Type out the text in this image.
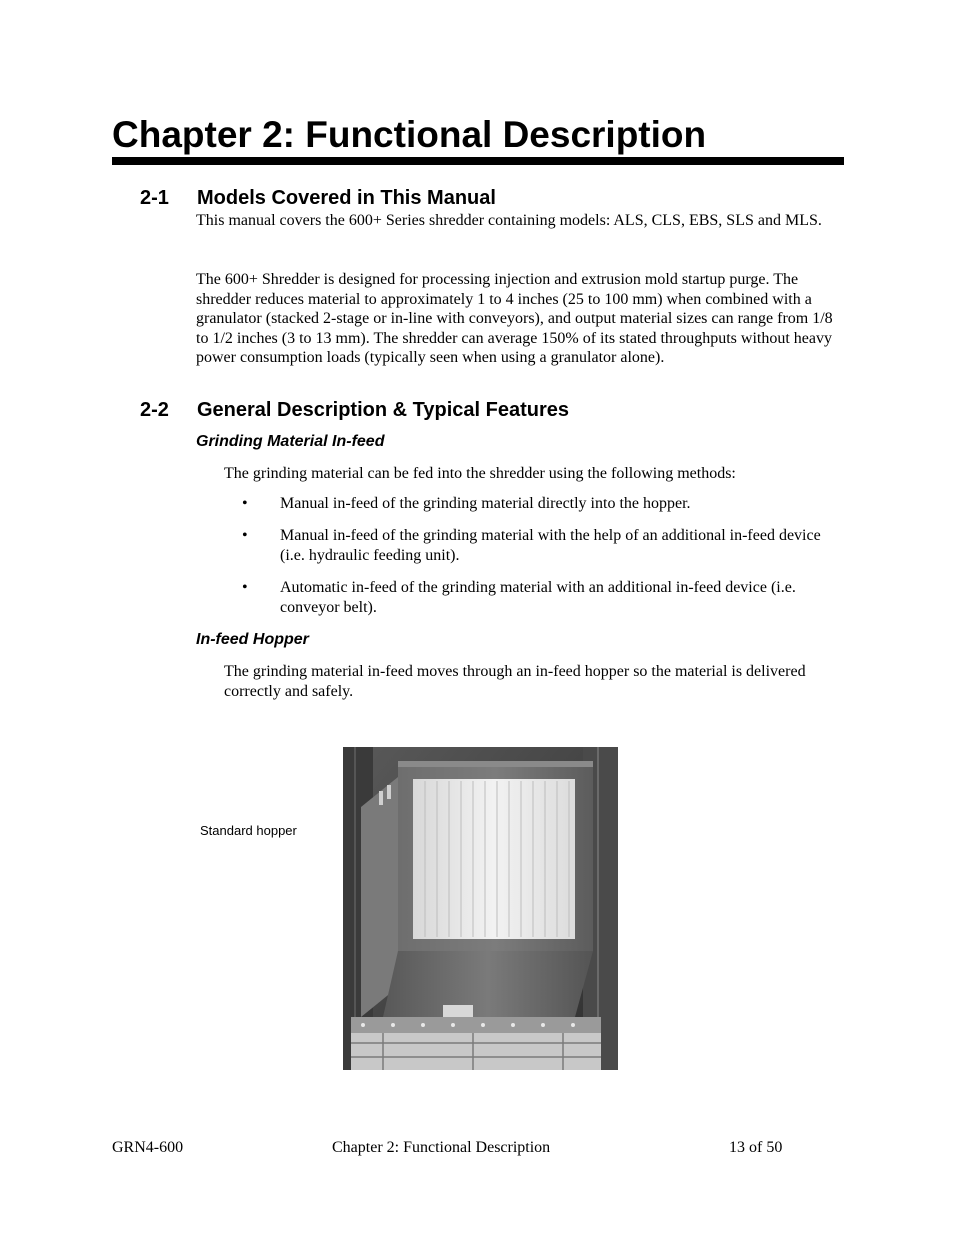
Chapter 2: Functional Description
2-1 Models Covered in This Manual
This manual covers the 600+ Series shredder containing models: ALS, CLS, EBS, SLS and MLS.
The 600+ Shredder is designed for processing injection and extrusion mold startup purge. The shredder reduces material to approximately 1 to 4 inches (25 to 100 mm) when combined with a granulator (stacked 2-stage or in-line with conveyors), and output material sizes can range from 1/8 to 1/2 inches (3 to 13 mm). The shredder can average 150% of its stated throughputs without heavy power consumption loads (typically seen when using a granulator alone).
2-2 General Description & Typical Features
Grinding Material In-feed
The grinding material can be fed into the shredder using the following methods:
• Manual in-feed of the grinding material directly into the hopper.
• Manual in-feed of the grinding material with the help of an additional in-feed device (i.e. hydraulic feeding unit).
• Automatic in-feed of the grinding material with an additional in-feed device (i.e. conveyor belt).
In-feed Hopper
The grinding material in-feed moves through an in-feed hopper so the material is delivered correctly and safely.
Standard hopper
GRN4-600	Chapter 2: Functional Description	13 of 50
